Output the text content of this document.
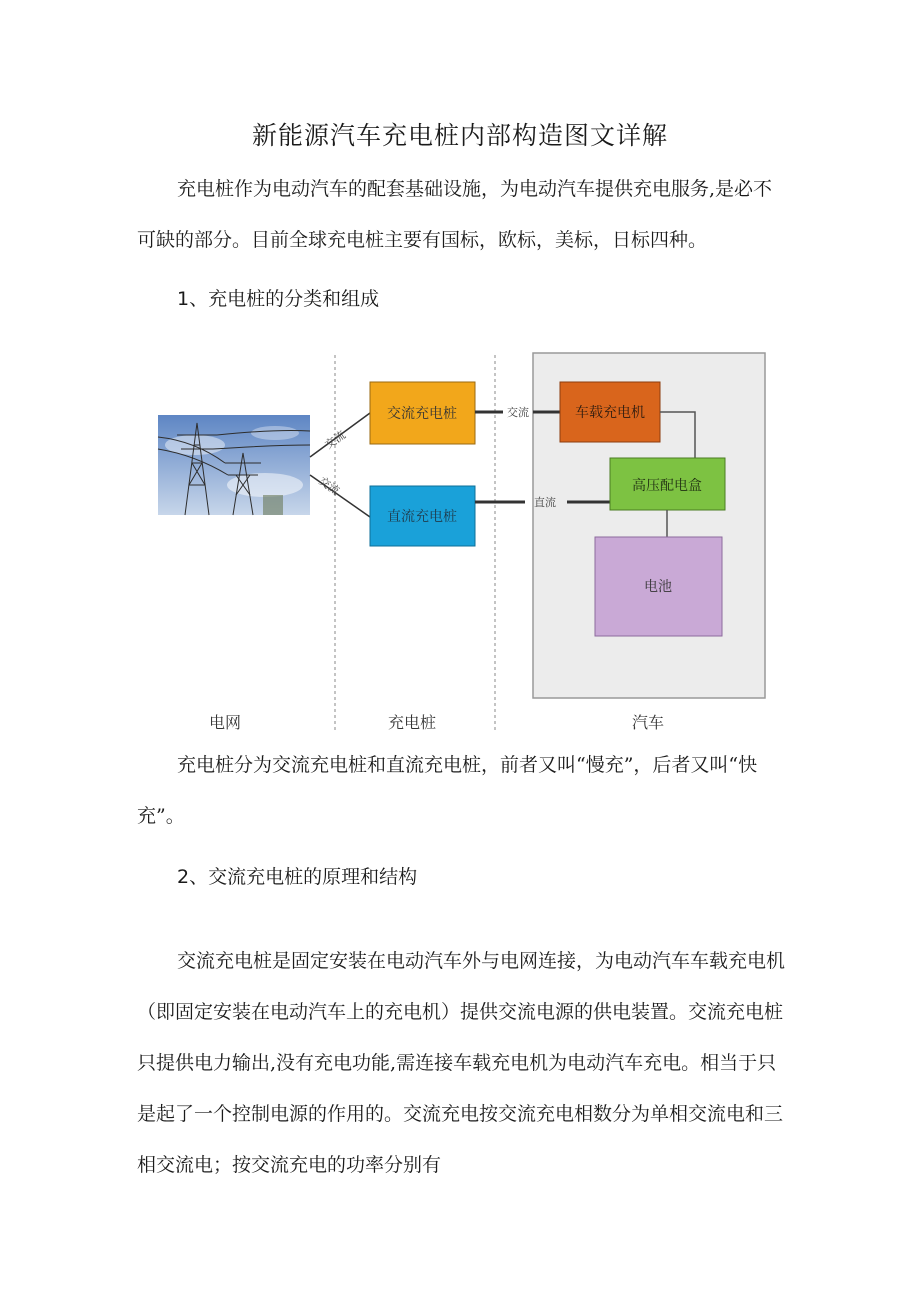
新能源汽车充电桩内部构造图文详解

充电桩作为电动汽车的配套基础设施，为电动汽车提供充电服务,是必不可缺的部分。目前全球充电桩主要有国标，欧标，美标，日标四种。

1、充电桩的分类和组成
交流
交流
交流充电桩
直流充电桩
交流
直流
车载充电机
高压配电盒
电池
电网	充电桩	汽车

充电桩分为交流充电桩和直流充电桩，前者又叫“慢充”，后者又叫“快充”。

2、交流充电桩的原理和结构

交流充电桩是固定安装在电动汽车外与电网连接，为电动汽车车载充电机（即固定安装在电动汽车上的充电机）提供交流电源的供电装置。交流充电桩只提供电力输出,没有充电功能,需连接车载充电机为电动汽车充电。相当于只是起了一个控制电源的作用的。交流充电按交流充电相数分为单相交流电和三相交流电；按交流充电的功率分别有
